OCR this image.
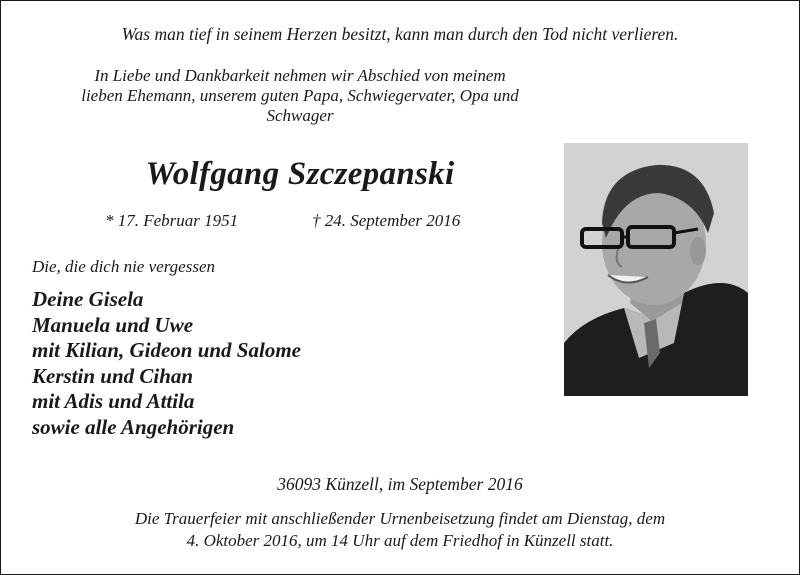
Was man tief in seinem Herzen besitzt, kann man durch den Tod nicht verlieren.
In Liebe und Dankbarkeit nehmen wir Abschied von meinem
lieben Ehemann, unserem guten Papa, Schwiegervater, Opa und
Schwager
Wolfgang Szczepanski
* 17. Februar 1951	† 24. September 2016
Die, die dich nie vergessen
Deine Gisela
Manuela und Uwe
mit Kilian, Gideon und Salome
Kerstin und Cihan
mit Adis und Attila
sowie alle Angehörigen
36093 Künzell, im September 2016
Die Trauerfeier mit anschließender Urnenbeisetzung findet am Dienstag, dem
4. Oktober 2016, um 14 Uhr auf dem Friedhof in Künzell statt.
